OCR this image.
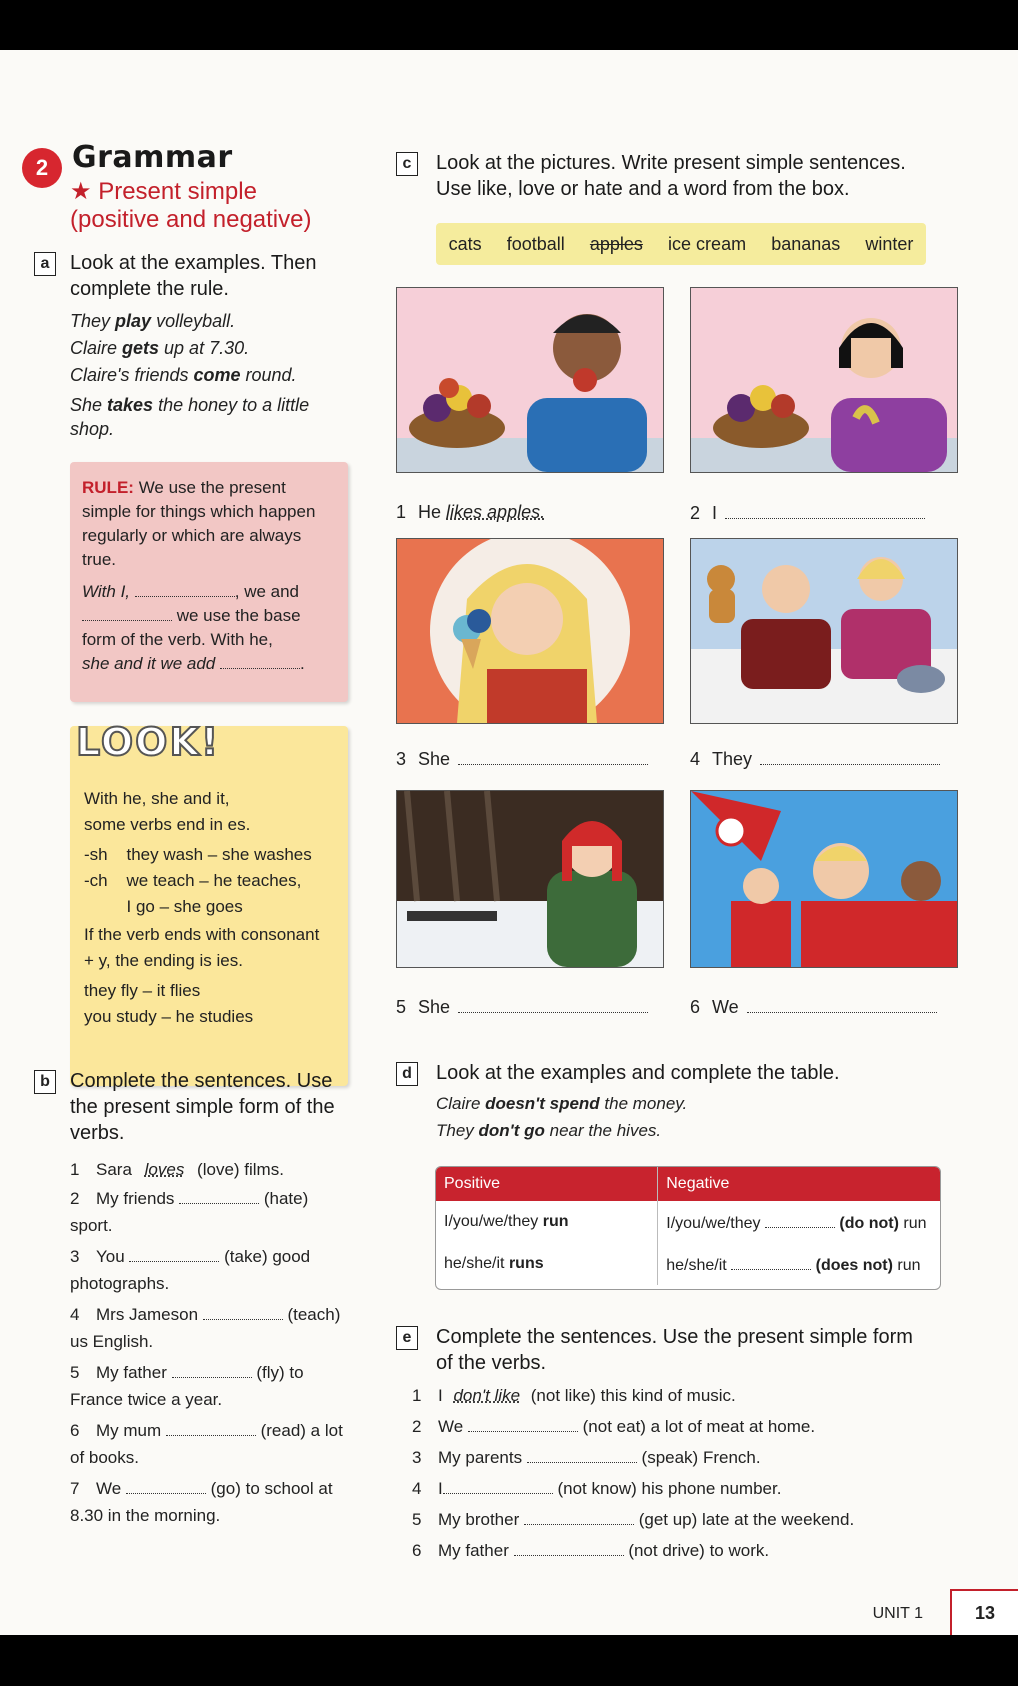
2 Grammar
★ Present simple
(positive and negative)
a	Look at the examples. Then complete the rule.
They play volleyball.
Claire gets up at 7.30.
Claire's friends come round.
She takes the honey to a little shop.
RULE: We use the present simple for things which happen regularly or which are always true.
With I,	, we and
we use the base form of the verb. With he,
she and it we add	.
LOOK!
With he, she and it,
some verbs end in es.
-sh    they wash – she washes
-ch    we teach – he teaches,
I go – she goes
If the verb ends with consonant
+ y, the ending is ies.
they fly – it flies
you study – he studies
c	Look at the pictures. Write present simple sentences.
Use like, love or hate and a word from the box.
cats football apples ice cream bananas winter
1 He likes apples.	2 I
3 She	4 They
5 She	6 We
b	Complete the sentences. Use the present simple form of the verbs.
1 Sara loves (love) films.
2 My friends	(hate) sport.
3 You	(take) good photographs.
4 Mrs Jameson	(teach) us English.
5 My father	(fly) to France twice a year.
6 My mum	(read) a lot of books.
7 We	(go) to school at 8.30 in the morning.
d	Look at the examples and complete the table.
Claire doesn't spend the money.
They don't go near the hives.
Positive	Negative
I/you/we/they run	I/you/we/they (do not) run
he/she/it runs	he/she/it (does not) run
e	Complete the sentences. Use the present simple form
of the verbs.
1 I don't like (not like) this kind of music.
2 We	(not eat) a lot of meat at home.
3 My parents	(speak) French.
4 I	(not know) his phone number.
5 My brother	(get up) late at the weekend.
6 My father	(not drive) to work.
UNIT 1	13
